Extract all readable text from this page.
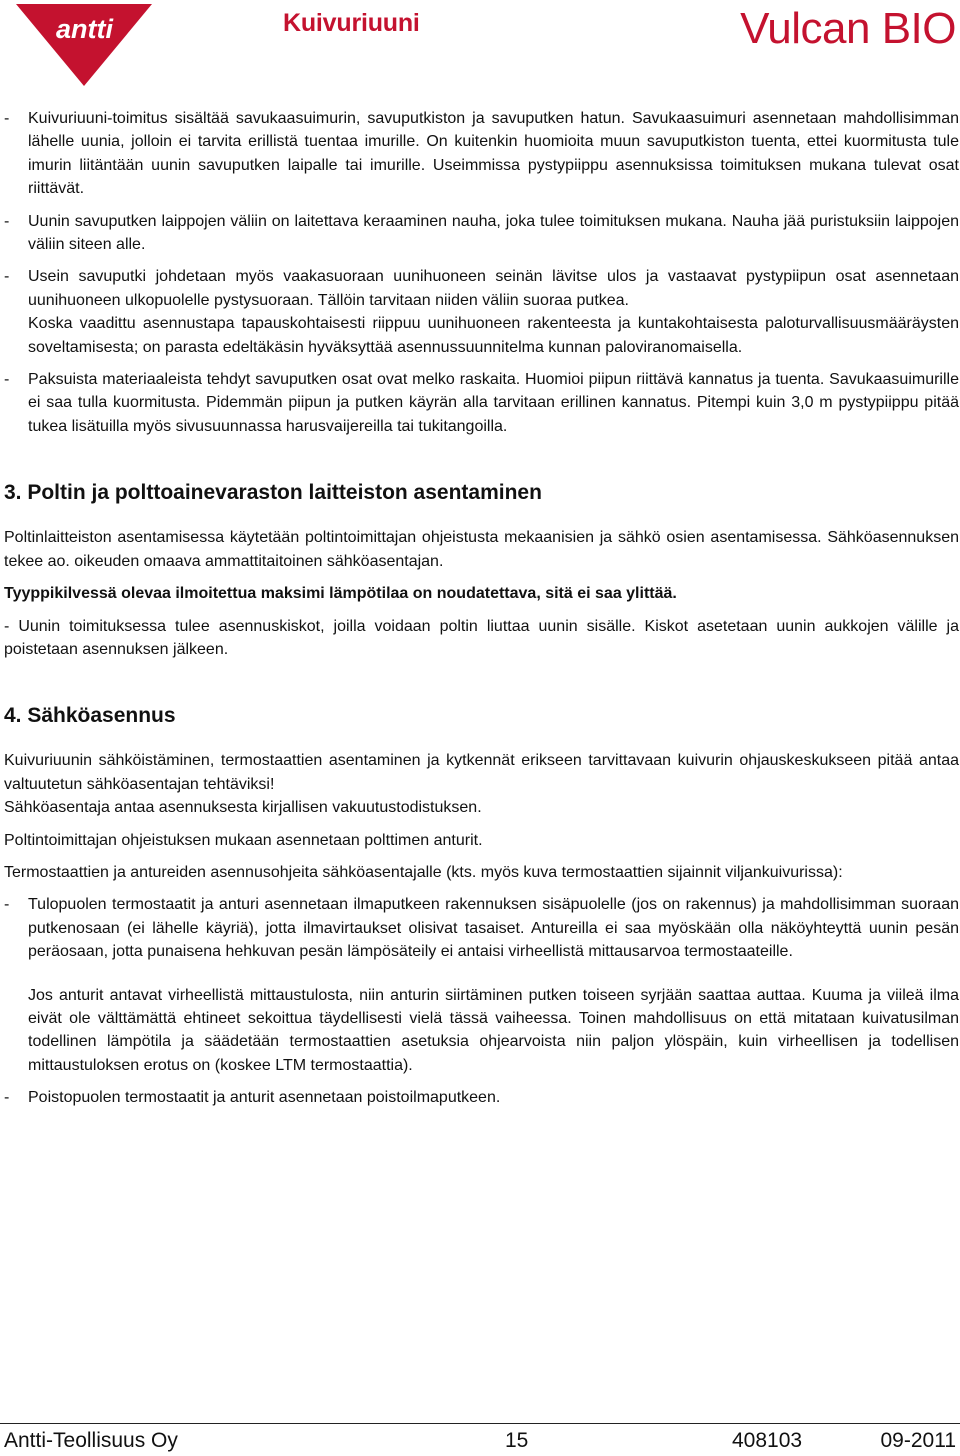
antti	Kuivuriuuni	Vulcan BIO
-	Kuivuriuuni-toimitus sisältää savukaasuimurin, savuputkiston ja savuputken hatun. Savukaasuimuri asennetaan mahdollisimman lähelle uunia, jolloin ei tarvita erillistä tuentaa imurille. On kuitenkin huomioita muun savuputkiston tuenta, ettei kuormitusta tule imurin liitäntään uunin savuputken laipalle tai imurille. Useimmissa pystypiippu asennuksissa toimituksen mukana tulevat osat riittävät.

-	Uunin savuputken laippojen väliin on laitettava keraaminen nauha, joka tulee toimituksen mukana. Nauha jää puristuksiin laippojen väliin siteen alle.

-	Usein savuputki johdetaan myös vaakasuoraan uunihuoneen seinän lävitse ulos ja vastaavat pystypiipun osat asennetaan uunihuoneen ulkopuolelle pystysuoraan. Tällöin tarvitaan niiden väliin suoraa putkea.

Koska vaadittu asennustapa tapauskohtaisesti riippuu uunihuoneen rakenteesta ja kuntakohtaisesta paloturvallisuusmääräysten soveltamisesta; on parasta edeltäkäsin hyväksyttää asennussuunnitelma kunnan paloviranomaisella.

-	Paksuista materiaaleista tehdyt savuputken osat ovat melko raskaita. Huomioi piipun riittävä kannatus ja tuenta. Savukaasuimurille ei saa tulla kuormitusta. Pidemmän piipun ja putken käyrän alla tarvitaan erillinen kannatus. Pitempi kuin 3,0 m pystypiippu pitää tukea lisätuilla myös sivusuunnassa harusvaijereilla tai tukitangoilla.

3. Poltin ja polttoainevaraston laitteiston asentaminen

Poltinlaitteiston asentamisessa käytetään poltintoimittajan ohjeistusta mekaanisien ja sähkö osien asentamisessa. Sähköasennuksen tekee ao. oikeuden omaava ammattitaitoinen sähköasentajan.

Tyyppikilvessä olevaa ilmoitettua maksimi lämpötilaa on noudatettava, sitä ei saa ylittää.

- Uunin toimituksessa tulee asennuskiskot, joilla voidaan poltin liuttaa uunin sisälle. Kiskot asetetaan uunin aukkojen välille ja poistetaan asennuksen jälkeen.

4. Sähköasennus

Kuivuriuunin sähköistäminen, termostaattien asentaminen ja kytkennät erikseen tarvittavaan kuivurin ohjauskeskukseen pitää antaa valtuutetun sähköasentajan tehtäviksi!

Sähköasentaja antaa asennuksesta kirjallisen vakuutustodistuksen.

Poltintoimittajan ohjeistuksen mukaan asennetaan polttimen anturit.

Termostaattien ja antureiden asennusohjeita sähköasentajalle (kts. myös kuva termostaattien sijainnit viljankuivurissa):

-	Tulopuolen termostaatit ja anturi asennetaan ilmaputkeen rakennuksen sisäpuolelle (jos on rakennus) ja mahdollisimman suoraan putkenosaan (ei lähelle käyriä), jotta ilmavirtaukset olisivat tasaiset. Antureilla ei saa myöskään olla näköyhteyttä uunin pesän peräosaan, jotta punaisena hehkuvan pesän lämpösäteily ei antaisi virheellistä mittausarvoa termostaateille.

Jos anturit antavat virheellistä mittaustulosta, niin anturin siirtäminen putken toiseen syrjään saattaa auttaa. Kuuma ja viileä ilma eivät ole välttämättä ehtineet sekoittua täydellisesti vielä tässä vaiheessa. Toinen mahdollisuus on että mitataan kuivatusilman todellinen lämpötila ja säädetään termostaattien asetuksia ohjearvoista niin paljon ylöspäin, kuin virheellisen ja todellisen mittaustuloksen erotus on (koskee LTM termostaattia).

-	Poistopuolen termostaatit ja anturit asennetaan poistoilmaputkeen.

Antti-Teollisuus Oy	15	408103	09-2011
